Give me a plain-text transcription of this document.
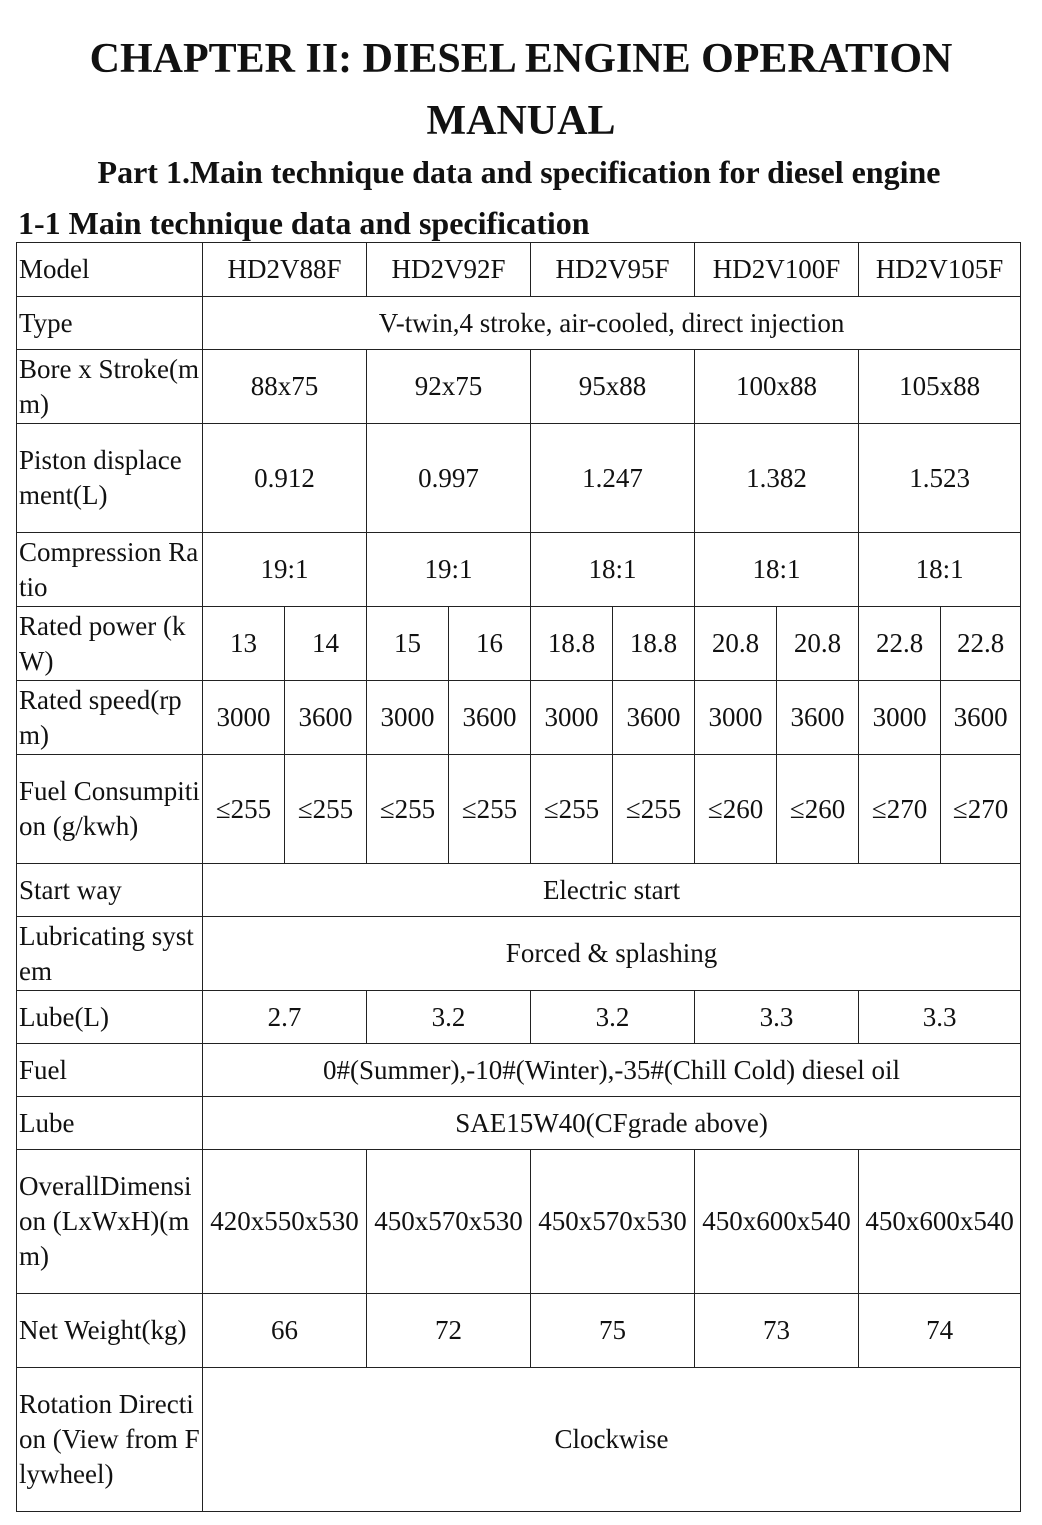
CHAPTER II: DIESEL ENGINE OPERATION MANUAL
Part 1.Main technique data and specification for diesel engine
1-1 Main technique data and specification
Model	HD2V88F		HD2V92F		HD2V95F		HD2V100F		HD2V105F	
Type	V-twin,4 stroke, air-cooled, direct injection									
Bore x Stroke(mm)	88x75		92x75		95x88		100x88		105x88	
Piston displacement(L)	0.912		0.997		1.247		1.382		1.523	
Compression Ratio	19:1		19:1		18:1		18:1		18:1	
Rated power (kW)	13	14	15	16	18.8	18.8	20.8	20.8	22.8	22.8
Rated speed(rpm)	3000	3600	3000	3600	3000	3600	3000	3600	3000	3600
Fuel Consumpition (g/kwh)	≤255	≤255	≤255	≤255	≤255	≤255	≤260	≤260	≤270	≤270
Start way	Electric start									
Lubricating system	Forced & splashing									
Lube(L)	2.7		3.2		3.2		3.3		3.3	
Fuel	0#(Summer),-10#(Winter),-35#(Chill Cold) diesel oil									
Lube	SAE15W40(CFgrade above)									
OverallDimension (LxWxH)(mm)	420x550x530		450x570x530		450x570x530		450x600x540		450x600x540	
Net Weight(kg)	66		72		75		73		74	
Rotation Direction (View from Flywheel)	Clockwise									
